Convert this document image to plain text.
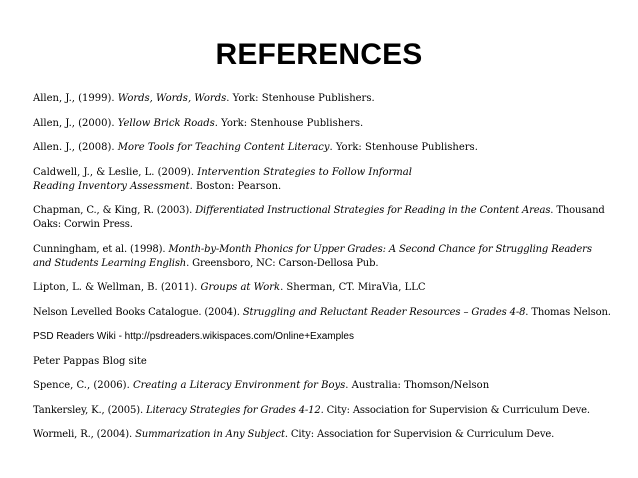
REFERENCES

Allen, J., (1999). Words, Words, Words. York: Stenhouse Publishers.

Allen, J., (2000). Yellow Brick Roads. York: Stenhouse Publishers.

Allen. J., (2008). More Tools for Teaching Content Literacy. York: Stenhouse Publishers.

Caldwell, J., & Leslie, L. (2009). Intervention Strategies to Follow Informal
Reading Inventory Assessment. Boston: Pearson.

Chapman, C., & King, R. (2003). Differentiated Instructional Strategies for Reading in the Content Areas. Thousand Oaks: Corwin Press.

Cunningham, et al. (1998). Month-by-Month Phonics for Upper Grades: A Second Chance for Struggling Readers and Students Learning English. Greensboro, NC: Carson-Dellosa Pub.

Lipton, L. & Wellman, B. (2011). Groups at Work. Sherman, CT. MiraVia, LLC

Nelson Levelled Books Catalogue. (2004). Struggling and Reluctant Reader Resources – Grades 4-8. Thomas Nelson.

PSD Readers Wiki - http://psdreaders.wikispaces.com/Online+Examples

Peter Pappas Blog site

Spence, C., (2006). Creating a Literacy Environment for Boys. Australia: Thomson/Nelson

Tankersley, K., (2005). Literacy Strategies for Grades 4-12. City: Association for Supervision & Curriculum Deve.

Wormeli, R., (2004). Summarization in Any Subject. City: Association for Supervision & Curriculum Deve.
